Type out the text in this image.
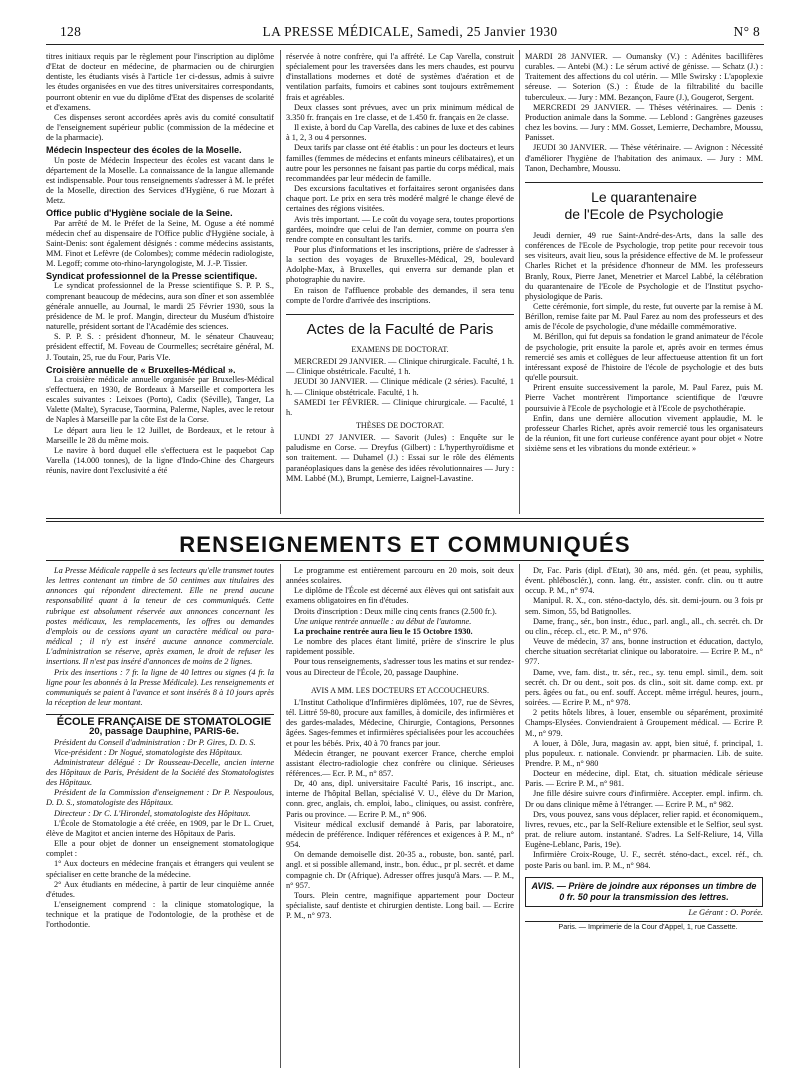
128	LA PRESSE MÉDICALE, Samedi, 25 Janvier 1930	N° 8

titres initiaux requis par le règlement pour l'inscription au diplôme d'Etat de docteur en médecine, de pharmacien ou de chirurgien dentiste, les étudiants visés à l'article 1er ci-dessus, admis à suivre les études organisées en vue des titres universitaires correspondants, pourront obtenir en vue du diplôme d'Etat des dispenses de scolarité et d'examens.

Ces dispenses seront accordées après avis du comité consultatif de l'enseignement supérieur public (commission de la médecine et de la pharmacie).

Médecin Inspecteur des écoles de la Moselle.

Un poste de Médecin Inspecteur des écoles est vacant dans le département de la Moselle. La connaissance de la langue allemande est indispensable. Pour tous renseignements s'adresser à M. le préfet de la Moselle, direction des Services d'Hygiène, 6 rue Mozart à Metz.

Office public d'Hygiène sociale de la Seine.

Par arrêté de M. le Préfet de la Seine, M. Oguse a été nommé médecin chef au dispensaire de l'Office public d'Hygiène sociale, à Saint-Denis: sont également désignés : comme médecins assistants, MM. Finot et Lefèvre (de Colombes); comme médecin radiologiste, M. Legoff; comme oto-rhino-laryngologiste, M. J.-P. Tissier.

Syndicat professionnel de la Presse scientifique.

Le syndicat professionnel de la Presse scientifique S. P. P. S., comprenant beaucoup de médecins, aura son dîner et son assemblée générale annuelle, au Journal, le mardi 25 Février 1930, sous la présidence de M. le prof. Mangin, directeur du Muséum d'histoire naturelle, président sortant de l'Académie des sciences.

S. P. P. S. : président d'honneur, M. le sénateur Chauveau; président effectif, M. Foveau de Courmelles; secrétaire général, M. J. Toutain, 25, rue du Four, Paris VIe.

Croisière annuelle de « Bruxelles-Médical ».

La croisière médicale annuelle organisée par Bruxelles-Médical s'effectuera, en 1930, de Bordeaux à Marseille et comportera les escales suivantes : Leixoes (Porto), Cadix (Séville), Tanger, La Valette (Malte), Syracuse, Taormina, Palerme, Naples, avec le retour de Naples à Marseille par la côte Est de la Corse.

Le départ aura lieu le 12 Juillet, de Bordeaux, et le retour à Marseille le 28 du même mois.

Le navire à bord duquel elle s'effectuera est le paquebot Cap Varella (14.000 tonnes), de la ligne d'Indo-Chine des Chargeurs réunis, navire dont l'exclusivité a été

réservée à notre confrère, qui l'a affrété. Le Cap Varella, construit spécialement pour les traversées dans les mers chaudes, est pourvu d'installations modernes et doté de systèmes d'aération et de ventilation parfaits, fumoirs et cabines sont toujours extrêmement frais et agréables.

Deux classes sont prévues, avec un prix minimum médical de 3.350 fr. français en 1re classe, et de 1.450 fr. français en 2e classe.

Il existe, à bord du Cap Varella, des cabines de luxe et des cabines à 1, 2, 3 ou 4 personnes.

Deux tarifs par classe ont été établis : un pour les docteurs et leurs familles (femmes de médecins et enfants mineurs célibataires), et un autre pour les personnes ne faisant pas partie du corps médical, mais recommandées par leur médecin de famille.

Des excursions facultatives et forfaitaires seront organisées dans chaque port. Le prix en sera très modéré malgré le change élevé de certaines des régions visitées.

Avis très important. — Le coût du voyage sera, toutes proportions gardées, moindre que celui de l'an dernier, comme on pourra s'en rendre compte en consultant les tarifs.

Pour plus d'informations et les inscriptions, prière de s'adresser à la section des voyages de Bruxelles-Médical, 29, boulevard Adolphe-Max, à Bruxelles, qui enverra sur demande plan et photographie du navire.

En raison de l'affluence probable des demandes, il sera tenu compte de l'ordre d'arrivée des inscriptions.

Actes de la Faculté de Paris

EXAMENS DE DOCTORAT.

MERCREDI 29 JANVIER. — Clinique chirurgicale. Faculté, 1 h. — Clinique obstétricale. Faculté, 1 h.

JEUDI 30 JANVIER. — Clinique médicale (2 séries). Faculté, 1 h. — Clinique obstétricale. Faculté, 1 h.

SAMEDI 1er FÉVRIER. — Clinique chirurgicale. — Faculté, 1 h.

THÈSES DE DOCTORAT.

LUNDI 27 JANVIER. — Savorit (Jules) : Enquête sur le paludisme en Corse. — Dreyfus (Gilbert) : L'hyperthyroïdisme et son traitement. — Duhamel (J.) : Essai sur le rôle des éléments paranéoplasiques dans la genèse des idées révolutionnaires — Jury : MM. Labbé (M.), Brumpt, Lemierre, Laignel-Lavastine.

MARDI 28 JANVIER. — Oumansky (V.) : Adénites bacillifères curables. — Antebi (M.) : Le sérum activé de génisse. — Schatz (J.) : Traitement des affections du col utérin. — Mlle Swirsky : L'apoplexie séreuse. — Soterion (S.) : Étude de la filtrabilité du bacille tuberculeux. — Jury : MM. Bezançon, Faure (J.), Gougerot, Sergent.

MERCREDI 29 JANVIER. — Thèses vétérinaires. — Denis : Production animale dans la Somme. — Leblond : Gangrènes gazeuses chez les bovins. — Jury : MM. Gosset, Lemierre, Dechambre, Moussu, Panisset.

JEUDI 30 JANVIER. — Thèse vétérinaire. — Avignon : Nécessité d'améliorer l'hygiène de l'habitation des animaux. — Jury : MM. Tanon, Dechambre, Moussu.

Le quarantenaire

de l'Ecole de Psychologie

Jeudi dernier, 49 rue Saint-André-des-Arts, dans la salle des conférences de l'Ecole de Psychologie, trop petite pour recevoir tous ses visiteurs, avait lieu, sous la présidence effective de M. le professeur Charles Richet et la présidence d'honneur de MM. les professeurs Branly, Roux, Pierre Janet, Menetrier et Marcel Labbé, la célébration du quarantenaire de l'Ecole de Psychologie et de l'Institut psycho-physiologique de Paris.

Cette cérémonie, fort simple, du reste, fut ouverte par la remise à M. Bérillon, remise faite par M. Paul Farez au nom des professeurs et des amis de l'école de psychologie, d'une médaille commémorative.

M. Bérillon, qui fut depuis sa fondation le grand animateur de l'école de psychologie, prit ensuite la parole et, après avoir en termes émus remercié ses amis et collègues de leur affectueuse attention fit un fort intéressant exposé de l'histoire de l'école de psychologie et des buts qu'elle poursuit.

Prirent ensuite successivement la parole, M. Paul Farez, puis M. Pierre Vachet montrèrent l'importance scientifique de l'œuvre poursuivie à l'Ecole de psychologie et à l'Ecole de psychothérapie.

Enfin, dans une dernière allocution vivement applaudie, M. le professeur Charles Richet, après avoir remercié tous les organisateurs de la réunion, fit une fort curieuse conférence ayant pour objet « Notre sixième sens et les vibrations du monde extérieur. »

RENSEIGNEMENTS ET COMMUNIQUÉS

La Presse Médicale rappelle à ses lecteurs qu'elle transmet toutes les lettres contenant un timbre de 50 centimes aux titulaires des annonces qui répondent directement. Elle ne prend aucune responsabilité quant à la teneur de ces communiqués. Cette rubrique est absolument réservée aux annonces concernant les postes médicaux, les remplacements, les offres ou demandes d'emplois ou de cessions ayant un caractère médical ou para-médical ; il n'y est inséré aucune annonce commerciale. L'administration se réserve, après examen, le droit de refuser les insertions. Il n'est pas inséré d'annonces de moins de 2 lignes.

Prix des insertions : 7 fr. la ligne de 40 lettres ou signes (4 fr. la ligne pour les abonnés à la Presse Médicale). Les renseignements et communiqués se paient à l'avance et sont insérés 8 à 10 jours après la réception de leur montant.

ÉCOLE FRANÇAISE DE STOMATOLOGIE

20, passage Dauphine, PARIS-6e.

Président du Conseil d'administration : Dr P. Gires, D. D. S.

Vice-président : Dr Nogué, stomatologiste des Hôpitaux.

Administrateur délégué : Dr Rousseau-Decelle, ancien interne des Hôpitaux de Paris, Président de la Société des Stomatologistes des Hôpitaux.

Président de la Commission d'enseignement : Dr P. Nespoulous, D. D. S., stomatologiste des Hôpitaux.

Directeur : Dr C. L'Hirondel, stomatologiste des Hôpitaux.

L'École de Stomatologie a été créée, en 1909, par le Dr L. Cruet, élève de Magitot et ancien interne des Hôpitaux de Paris.

Elle a pour objet de donner un enseignement stomatologique complet :

1° Aux docteurs en médecine français et étrangers qui veulent se spécialiser en cette branche de la médecine.

2° Aux étudiants en médecine, à partir de leur cinquième année d'études.

L'enseignement comprend : la clinique stomatologique, la technique et la pratique de l'odontologie, de la prothèse et de l'orthodontie.

Le programme est entièrement parcouru en 20 mois, soit deux années scolaires.

Le diplôme de l'École est décerné aux élèves qui ont satisfait aux examens obligatoires en fin d'études.

Droits d'inscription : Deux mille cinq cents francs (2.500 fr.).

Une unique rentrée annuelle : au début de l'automne.

La prochaine rentrée aura lieu le 15 Octobre 1930.

Le nombre des places étant limité, prière de s'inscrire le plus rapidement possible.

Pour tous renseignements, s'adresser tous les matins et sur rendez-vous au Directeur de l'École, 20, passage Dauphine.

AVIS A MM. LES DOCTEURS ET ACCOUCHEURS.

L'Institut Catholique d'Infirmières diplômées, 107, rue de Sèvres, tél. Littré 59-80, procure aux familles, à domicile, des infirmières et des gardes-malades, Médecine, Chirurgie, Contagions, Personnes âgées. Sages-femmes et infirmières spécialisées pour les accouchées et pour les bébés. Prix, 40 à 70 francs par jour.

Médecin étranger, ne pouvant exercer France, cherche emploi assistant électro-radiologie chez confrère ou clinique. Sérieuses références.— Ecr. P. M., n° 857.

Dr, 40 ans, dipl. universitaire Faculté Paris, 16 inscript., anc. interne de l'hôpital Bellan, spécialisé V. U., élève du Dr Marion, conn. grec, anglais, ch. emploi, labo., cliniques, ou assist. confrère, Paris ou province. — Ecrire P. M., n° 906.

Visiteur médical exclusif demandé à Paris, par laboratoire, médecin de préférence. Indiquer références et exigences à P. M., n° 954.

On demande demoiselle dist. 20-35 a., robuste, bon. santé, parl. angl. et si possible allemand, instr., bon. éduc., pr pl. secrét. et dame compagnie ch. Dr (Afrique). Adresser offres jusqu'à Mars. — P. M., n° 957.

Tours. Plein centre, magnifique appartement pour Docteur spécialiste, sauf dentiste et chirurgien dentiste. Long bail. — Ecrire P. M., n° 973.

Dr, Fac. Paris (dipl. d'Etat), 30 ans, méd. gén. (et peau, syphilis, évent. phlébosclér.), conn. lang. étr., assister. confr. clin. ou tt autre occup. P. M., n° 974.

Manipul. R. X., con. sténo-dactylo, dés. sit. demi-journ. ou 3 fois pr sem. Simon, 55, bd Batignolles.

Dame, franç., sér., bon instr., éduc., parl. angl., all., ch. secrét. ch. Dr ou clin., récep. cl., etc. P. M., n° 976.

Veuve de médecin, 37 ans, bonne instruction et éducation, dactylo, cherche situation secrétariat clinique ou laboratoire. — Ecrire P. M., n° 977.

Dame, vve, fam. dist., tr. sér., rec., sy. tenu empl. simil., dem. soit secrét. ch. Dr ou dent., soit pos. ds clin., soit sit. dame comp. ext. pr pers. âgées ou fat., ou enf. souff. Accept. même irrégul. heures, journ., soirées. — Ecrire P. M., n° 978.

2 petits hôtels libres, à louer, ensemble ou séparément, proximité Champs-Elysées. Conviendraient à Groupement médical. — Ecrire P. M., n° 979.

A louer, à Dôle, Jura, magasin av. appt, bien situé, f. principal, 1. plus populeux. r. nationale. Conviendr. pr pharmacien. Lib. de suite. Prendre. P. M., n° 980

Docteur en médecine, dipl. Etat, ch. situation médicale sérieuse Paris. — Ecrire P. M., n° 981.

Jne fille désire suivre cours d'infirmière. Accepter. empl. infirm. ch. Dr ou dans clinique même à l'étranger. — Ecrire P. M., n° 982.

Drs, vous pouvez, sans vous déplacer, relier rapid. et économiquem., livres, revues, etc., par la Self-Reliure extensible et le Selfior, seul syst. prat. de reliure autom. instantané. S'adres. La Self-Reliure, 14, Villa Eugène-Leblanc, Paris, 19e).

Infirmière Croix-Rouge, U. F., secrét. sténo-dact., excel. réf., ch. poste Paris ou banl. im. P. M., n° 984.

AVIS. — Prière de joindre aux réponses un timbre de 0 fr. 50 pour la transmission des lettres.

Le Gérant : O. Porée.

Paris. — Imprimerie de la Cour d'Appel, 1, rue Cassette.
